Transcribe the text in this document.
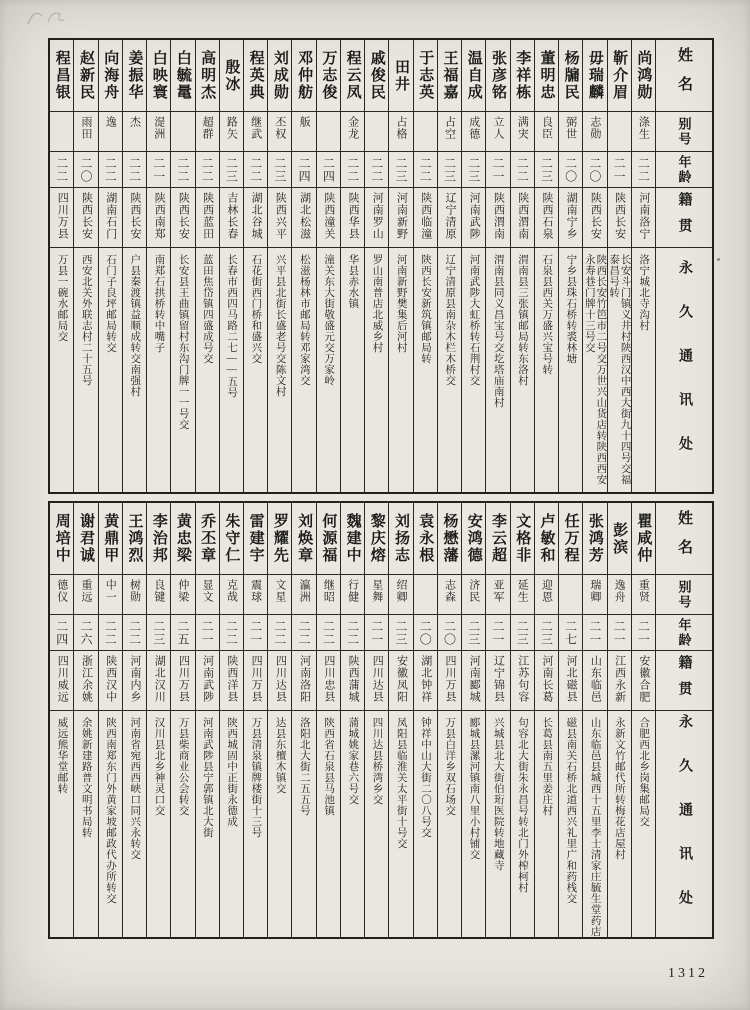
姓名
别号
年龄
籍贯
永久通讯处
尚鸿勋
涤生
二二
河南洛宁
洛宁城北寺沟村
靳介眉
二一
陕西长安
长安斗门镇义井村陕西汉中西大街九十四号交福泰昌号转
毋瑞麟
志勋
二〇
陕西长安
陕西长安竹笆市二号交万世兴山货店转陕西西安永寿巷门牌十三号交
杨牖民
弼世
二〇
湖南宁乡
宁乡县珠石桥转裘林塘
董明忠
良臣
二三
陕西石泉
石泉县西关万盛兴宝号转
李祥栋
满宊
二二
陕西渭南
渭南县三张镇邮局转东洛村
张彦铭
立人
二一
陕西渭南
渭南县同义昌宝号交圪塔庙南村
温自成
成德
二三
河南武陟
河南武陟大虹桥转石荆村交
王福嘉
占空
二三
辽宁清原
辽宁清原县南杂木栏木桥交
于志英
二二
陕西临潼
陕西长安新筑镇邮局转
田井
占格
二三
河南新野
河南新野樊集后河村
戚俊民
二二
河南罗山
罗山南普店北威乡村
程云凤
金龙
二二
陕西华县
华县赤水镇
万志俊
二四
陕西潼关
潼关东大街敬盛元交万家岭
邓仲舫
舨
二四
湖北松滋
松滋杨林市邮局转邓家湾交
刘成勋
丕权
二三
陕西兴平
兴平县北街长盛老号交陈文村
程英典
继武
二二
湖北谷城
石花街西门桥和盛兴交
殷冰
路矢
二三
吉林长春
长春市西四马路二七——五号
高明杰
超群
二二
陕西蓝田
蓝田焦岱镇四盛成号交
白毓鼌
二二
陕西长安
长安县王曲镇留村东沟门牌一一号交
白映寰
湜洲
二一
陕西南郑
南郑石拱桥转中嘴子
姜振华
杰
二二
陕西长安
户县秦渡镇益顺成转交南强村
向海舟
逸
二二
湖南石门
石门子良坪邮局转交
赵新民
雨田
二〇
陕西长安
西安北关外联志村二十五号
程昌银
二二
四川万县
万县一碗水邮局交
姓名
别号
年龄
籍贯
永久通讯处
瞿咸仲
重贤
二一
安徽合肥
合肥西北乡岗集邮局交
彭滨
逸舟
二一
江西永新
永新文竹邮代所转梅花店屋村
张鸿芳
瑞卿
二一
山东临邑
山东临邑县城西十五里李士清家庄毓生堂药店
任万程
二七
河北磁县
磁县南关石桥北道西兴礼里广和药栈交
卢敏和
迎恩
二三
河南长葛
长葛县南五里姜庄村
文格非
延生
二三
江苏句容
句容北大街朱永昌号转北门外榨柯村
李云超
亚军
二一
辽宁锦县
兴城县北大街伯珩医院转地藏寺
安鸿德
济民
二三
河南郾城
郾城县漯河镇南八里小村铺交
杨懋藩
志森
二〇
四川万县
万县白洋乡双石场交
袁永根
二〇
湖北钟祥
钟祥中山大街二〇八号交
刘扬志
绍卿
二三
安徽凤阳
凤阳县临淮关太平街十号交
黎庆熔
星舞
二一
四川达县
四川达县桥湾乡交
魏建中
行健
二二
陕西蒲城
蒲城姚家巷六号交
何源福
继昭
二二
四川忠县
陕西省石泉县马池镇
刘焕章
瀛洲
二二
河南洛阳
洛阳北大街二五五号
罗耀先
文星
二二
四川达县
达县东檀木镇交
雷建宇
震球
二一
四川万县
万县清泉镇牌楼街十三号
朱守仁
克哉
二二
陕西洋县
陕西城固中正街永德成
乔丕章
显文
二一
河南武陟
河南武陟县宁郭镇北大街
黄忠梁
仲梁
二五
四川万县
万县柴商业公会转交
李治邦
良键
二三
湖北汉川
汉川县北乡神灵口交
王鸿烈
树勋
二二
河南内乡
河南省宛西西峡口同兴永转交
黄鼎甲
中一
二二
陕西汉中
陕西南郑东门外黄家坡邮政代办所转交
谢君诚
重远
二六
浙江余姚
余姚新建路普文明书局转
周培中
德仪
二四
四川威远
威远熊华堂邮转
1312
